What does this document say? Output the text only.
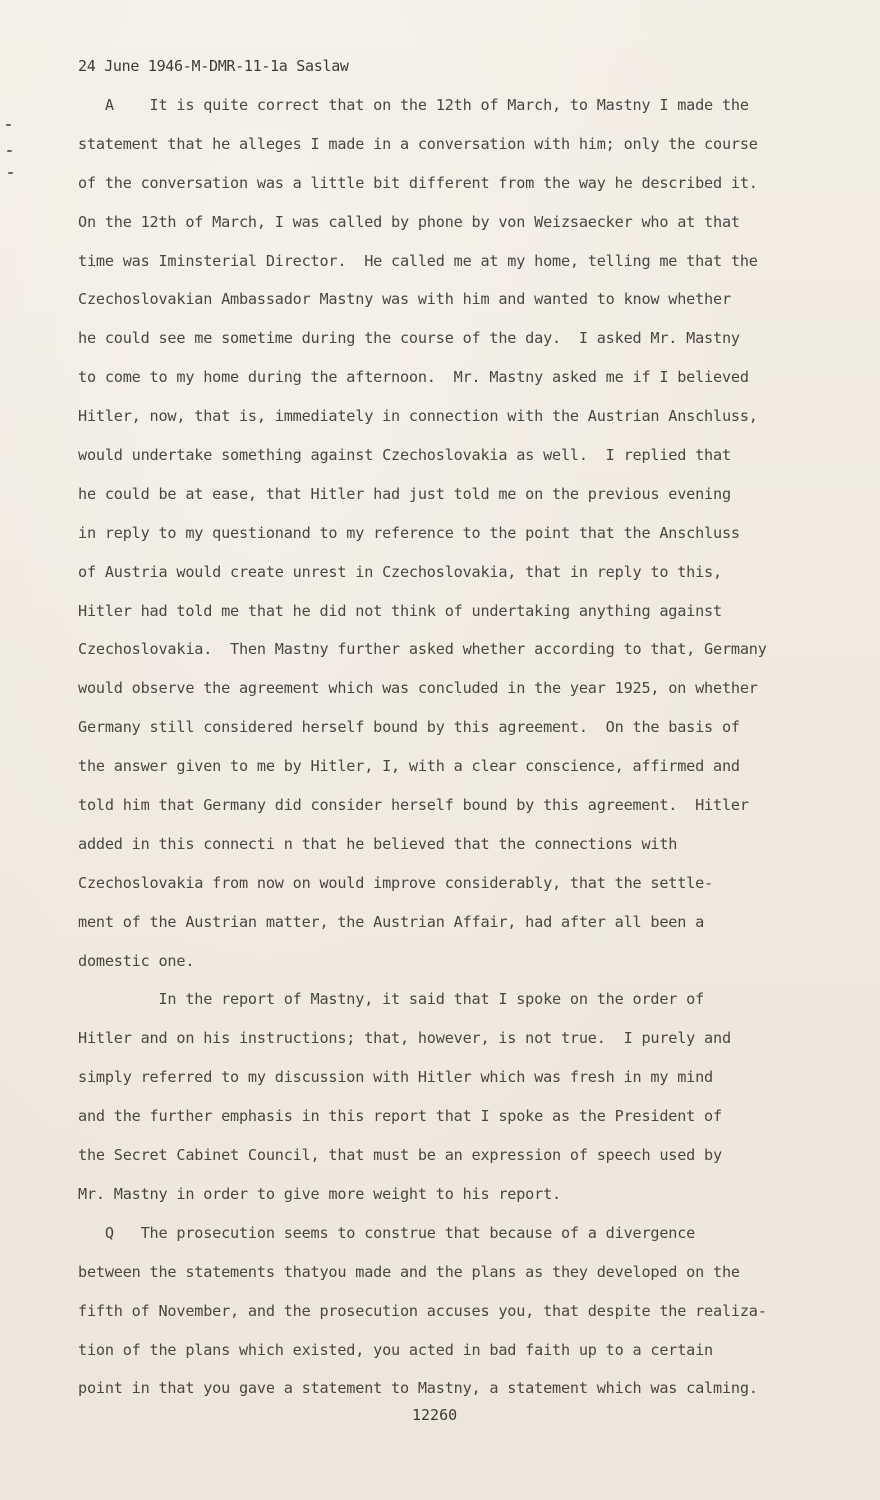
24 June 1946-M-DMR-11-1a Saslaw
A    It is quite correct that on the 12th of March, to Mastny I made the
statement that he alleges I made in a conversation with him; only the course
of the conversation was a little bit different from the way he described it.
On the 12th of March, I was called by phone by von Weizsaecker who at that
time was Iminsterial Director.  He called me at my home, telling me that the
Czechoslovakian Ambassador Mastny was with him and wanted to know whether
he could see me sometime during the course of the day.  I asked Mr. Mastny
to come to my home during the afternoon.  Mr. Mastny asked me if I believed
Hitler, now, that is, immediately in connection with the Austrian Anschluss,
would undertake something against Czechoslovakia as well.  I replied that
he could be at ease, that Hitler had just told me on the previous evening
in reply to my questionand to my reference to the point that the Anschluss
of Austria would create unrest in Czechoslovakia, that in reply to this,
Hitler had told me that he did not think of undertaking anything against
Czechoslovakia.  Then Mastny further asked whether according to that, Germany
would observe the agreement which was concluded in the year 1925, on whether
Germany still considered herself bound by this agreement.  On the basis of
the answer given to me by Hitler, I, with a clear conscience, affirmed and
told him that Germany did consider herself bound by this agreement.  Hitler
added in this connecti n that he believed that the connections with
Czechoslovakia from now on would improve considerably, that the settle-
ment of the Austrian matter, the Austrian Affair, had after all been a
domestic one.
In the report of Mastny, it said that I spoke on the order of
Hitler and on his instructions; that, however, is not true.  I purely and
simply referred to my discussion with Hitler which was fresh in my mind
and the further emphasis in this report that I spoke as the President of
the Secret Cabinet Council, that must be an expression of speech used by
Mr. Mastny in order to give more weight to his report.
Q   The prosecution seems to construe that because of a divergence
between the statements thatyou made and the plans as they developed on the
fifth of November, and the prosecution accuses you, that despite the realiza-
tion of the plans which existed, you acted in bad faith up to a certain
point in that you gave a statement to Mastny, a statement which was calming.
12260
